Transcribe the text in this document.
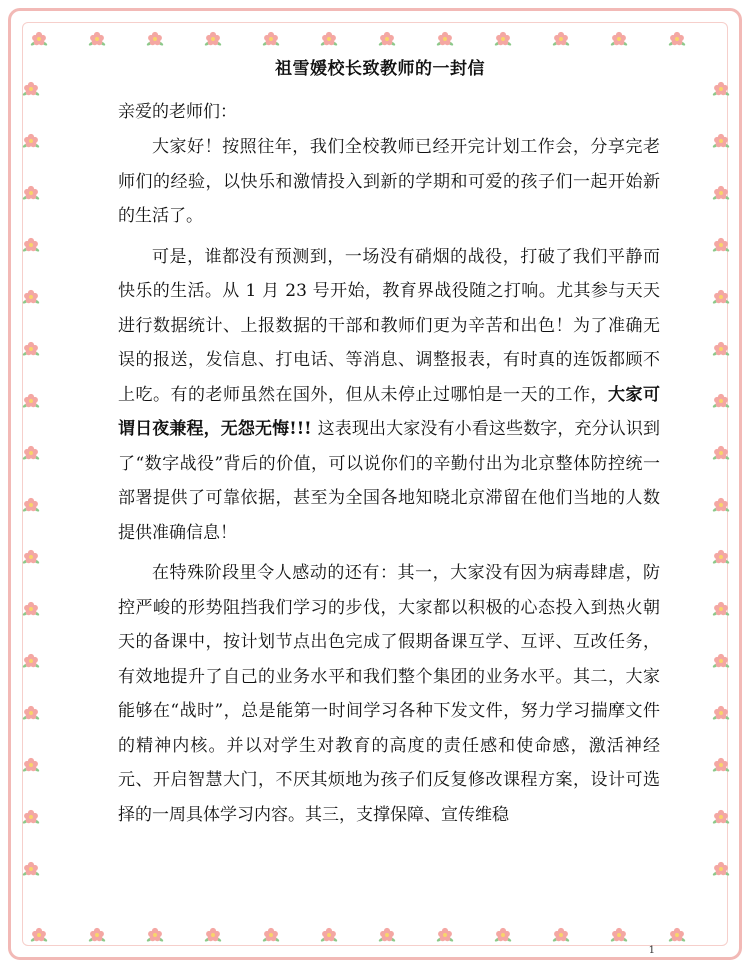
祖雪媛校长致教师的一封信
亲爱的老师们：

大家好！按照往年，我们全校教师已经开完计划工作会，分享完老师们的经验，以快乐和激情投入到新的学期和可爱的孩子们一起开始新的生活了。

可是，谁都没有预测到，一场没有硝烟的战役，打破了我们平静而快乐的生活。从 1 月 23 号开始，教育界战役随之打响。尤其参与天天进行数据统计、上报数据的干部和教师们更为辛苦和出色！为了准确无误的报送，发信息、打电话、等消息、调整报表，有时真的连饭都顾不上吃。有的老师虽然在国外，但从未停止过哪怕是一天的工作，大家可谓日夜兼程，无怨无悔!!! 这表现出大家没有小看这些数字，充分认识到了“数字战役”背后的价值，可以说你们的辛勤付出为北京整体防控统一部署提供了可靠依据，甚至为全国各地知晓北京滞留在他们当地的人数提供准确信息！

在特殊阶段里令人感动的还有：其一，大家没有因为病毒肆虐，防控严峻的形势阻挡我们学习的步伐，大家都以积极的心态投入到热火朝天的备课中，按计划节点出色完成了假期备课互学、互评、互改任务，有效地提升了自己的业务水平和我们整个集团的业务水平。其二，大家能够在“战时”，总是能第一时间学习各种下发文件，努力学习揣摩文件的精神内核。并以对学生对教育的高度的责任感和使命感，激活神经元、开启智慧大门，不厌其烦地为孩子们反复修改课程方案，设计可选择的一周具体学习内容。其三，支撑保障、宣传维稳

1
